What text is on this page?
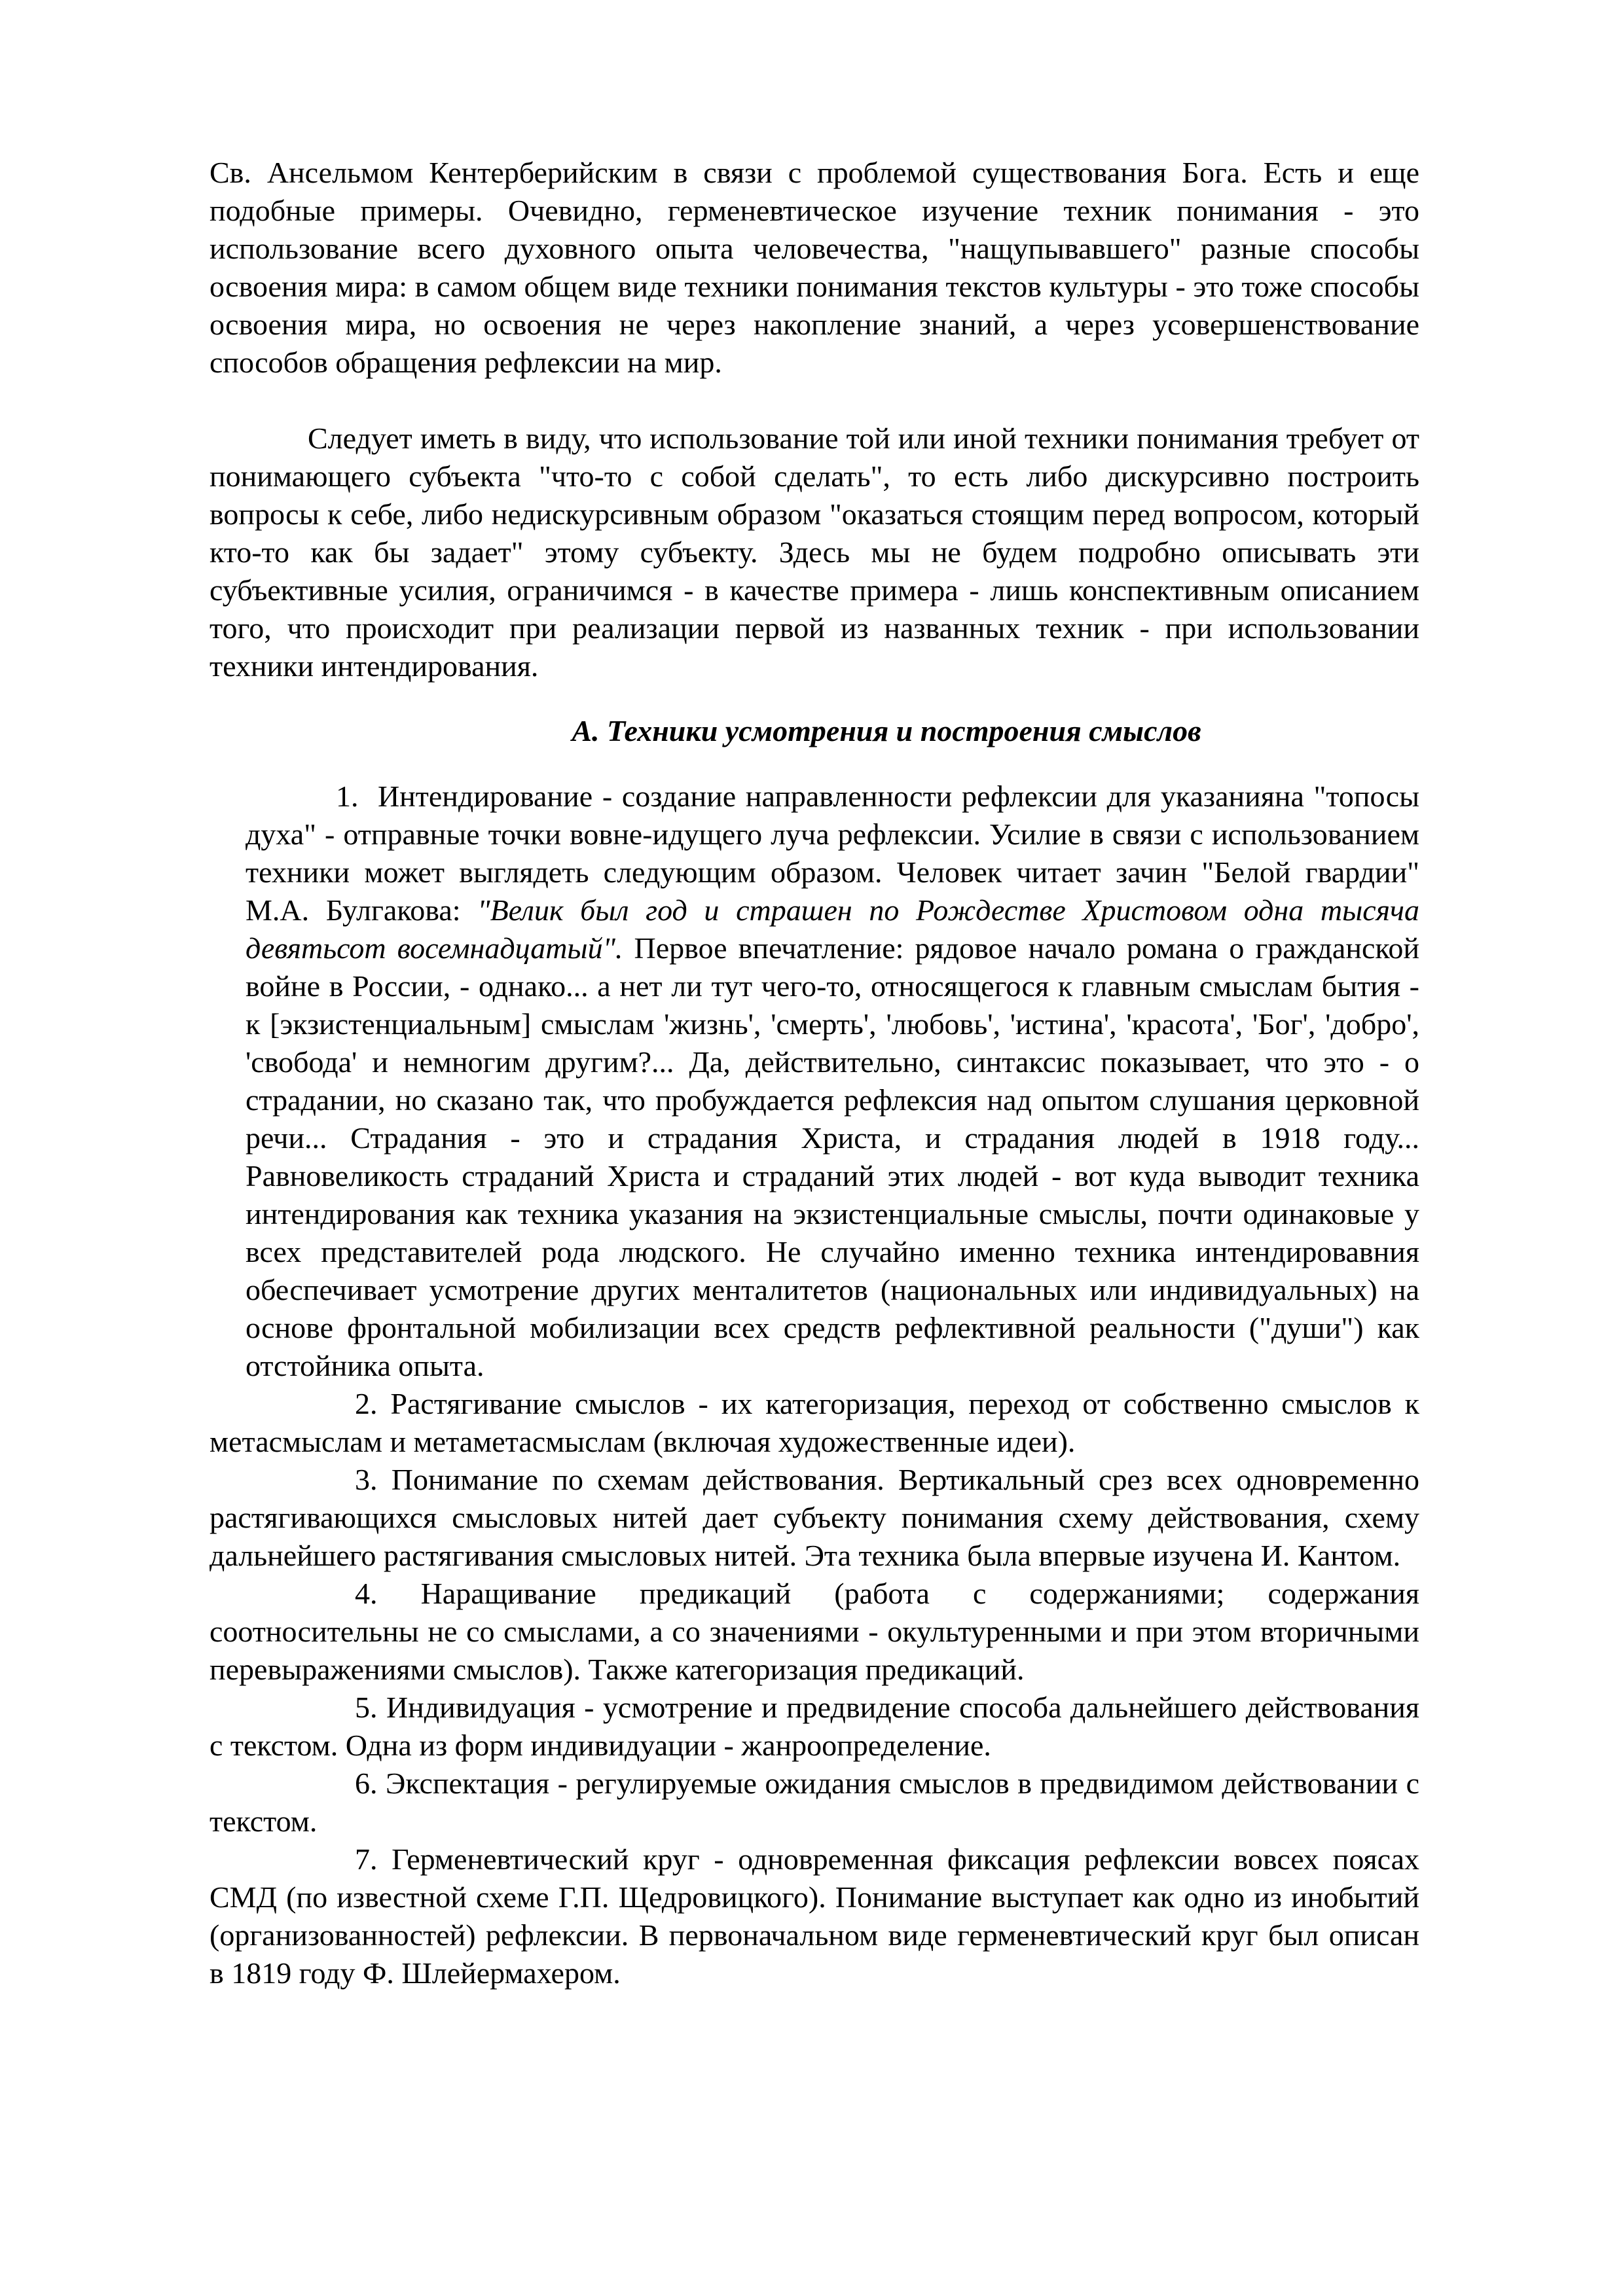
Св. Ансельмом Кентерберийским в связи с проблемой существования Бога. Есть и еще подобные примеры. Очевидно, герменевтическое изучение техник понимания - это использование всего духовного опыта человечества, "нащупывавшего" разные способы освоения мира: в самом общем виде техники понимания текстов культуры - это тоже способы освоения мира, но освоения не через накопление знаний, а через усовершенствование способов обращения рефлексии на мир.

Следует иметь в виду, что использование той или иной техники понимания требует от понимающего субъекта "что-то с собой сделать", то есть либо дискурсивно построить вопросы к себе, либо недискурсивным образом "оказаться стоящим перед вопросом, который кто-то как бы задает" этому субъекту. Здесь мы не будем подробно описывать эти субъективные усилия, ограничимся - в качестве примера - лишь конспективным описанием того, что происходит при реализации первой из названных техник - при использовании техники интендирования.

А. Техники усмотрения и построения смыслов

1. Интендирование - создание направленности рефлексии для указанияна "топосы духа" - отправные точки вовне-идущего луча рефлексии. Усилие в связи с использованием техники может выглядеть следующим образом. Человек читает зачин "Белой гвардии" М.А. Булгакова: "Велик был год и страшен по Рождестве Христовом одна тысяча девятьсот восемнадцатый". Первое впечатление: рядовое начало романа о гражданской войне в России, - однако... а нет ли тут чего-то, относящегося к главным смыслам бытия - к [экзистенциальным] смыслам 'жизнь', 'смерть', 'любовь', 'истина', 'красота', 'Бог', 'добро', 'свобода' и немногим другим?... Да, действительно, синтаксис показывает, что это - о страдании, но сказано так, что пробуждается рефлексия над опытом слушания церковной речи... Страдания - это и страдания Христа, и страдания людей в 1918 году... Равновеликость страданий Христа и страданий этих людей - вот куда выводит техника интендирования как техника указания на экзистенциальные смыслы, почти одинаковые у всех представителей рода людского. Не случайно именно техника интендировавния обеспечивает усмотрение других менталитетов (национальных или индивидуальных) на основе фронтальной мобилизации всех средств рефлективной реальности ("души") как отстойника опыта.

2. Растягивание смыслов - их категоризация, переход от собственно смыслов к метасмыслам и метаметасмыслам (включая художественные идеи).

3. Понимание по схемам действования. Вертикальный срез всех одновременно растягивающихся смысловых нитей дает субъекту понимания схему действования, схему дальнейшего растягивания смысловых нитей. Эта техника была впервые изучена И. Кантом.

4. Наращивание предикаций (работа с содержаниями; содержания соотносительны не со смыслами, а со значениями - окультуренными и при этом вторичными перевыражениями смыслов). Также категоризация предикаций.

5. Индивидуация - усмотрение и предвидение способа дальнейшего действования с текстом. Одна из форм индивидуации - жанроопределение.

6. Экспектация - регулируемые ожидания смыслов в предвидимом действовании с текстом.

7. Герменевтический круг - одновременная фиксация рефлексии вовсех поясах СМД (по известной схеме Г.П. Щедровицкого). Понимание выступает как одно из инобытий (организованностей) рефлексии. В первоначальном виде герменевтический круг был описан в 1819 году Ф. Шлейермахером.
